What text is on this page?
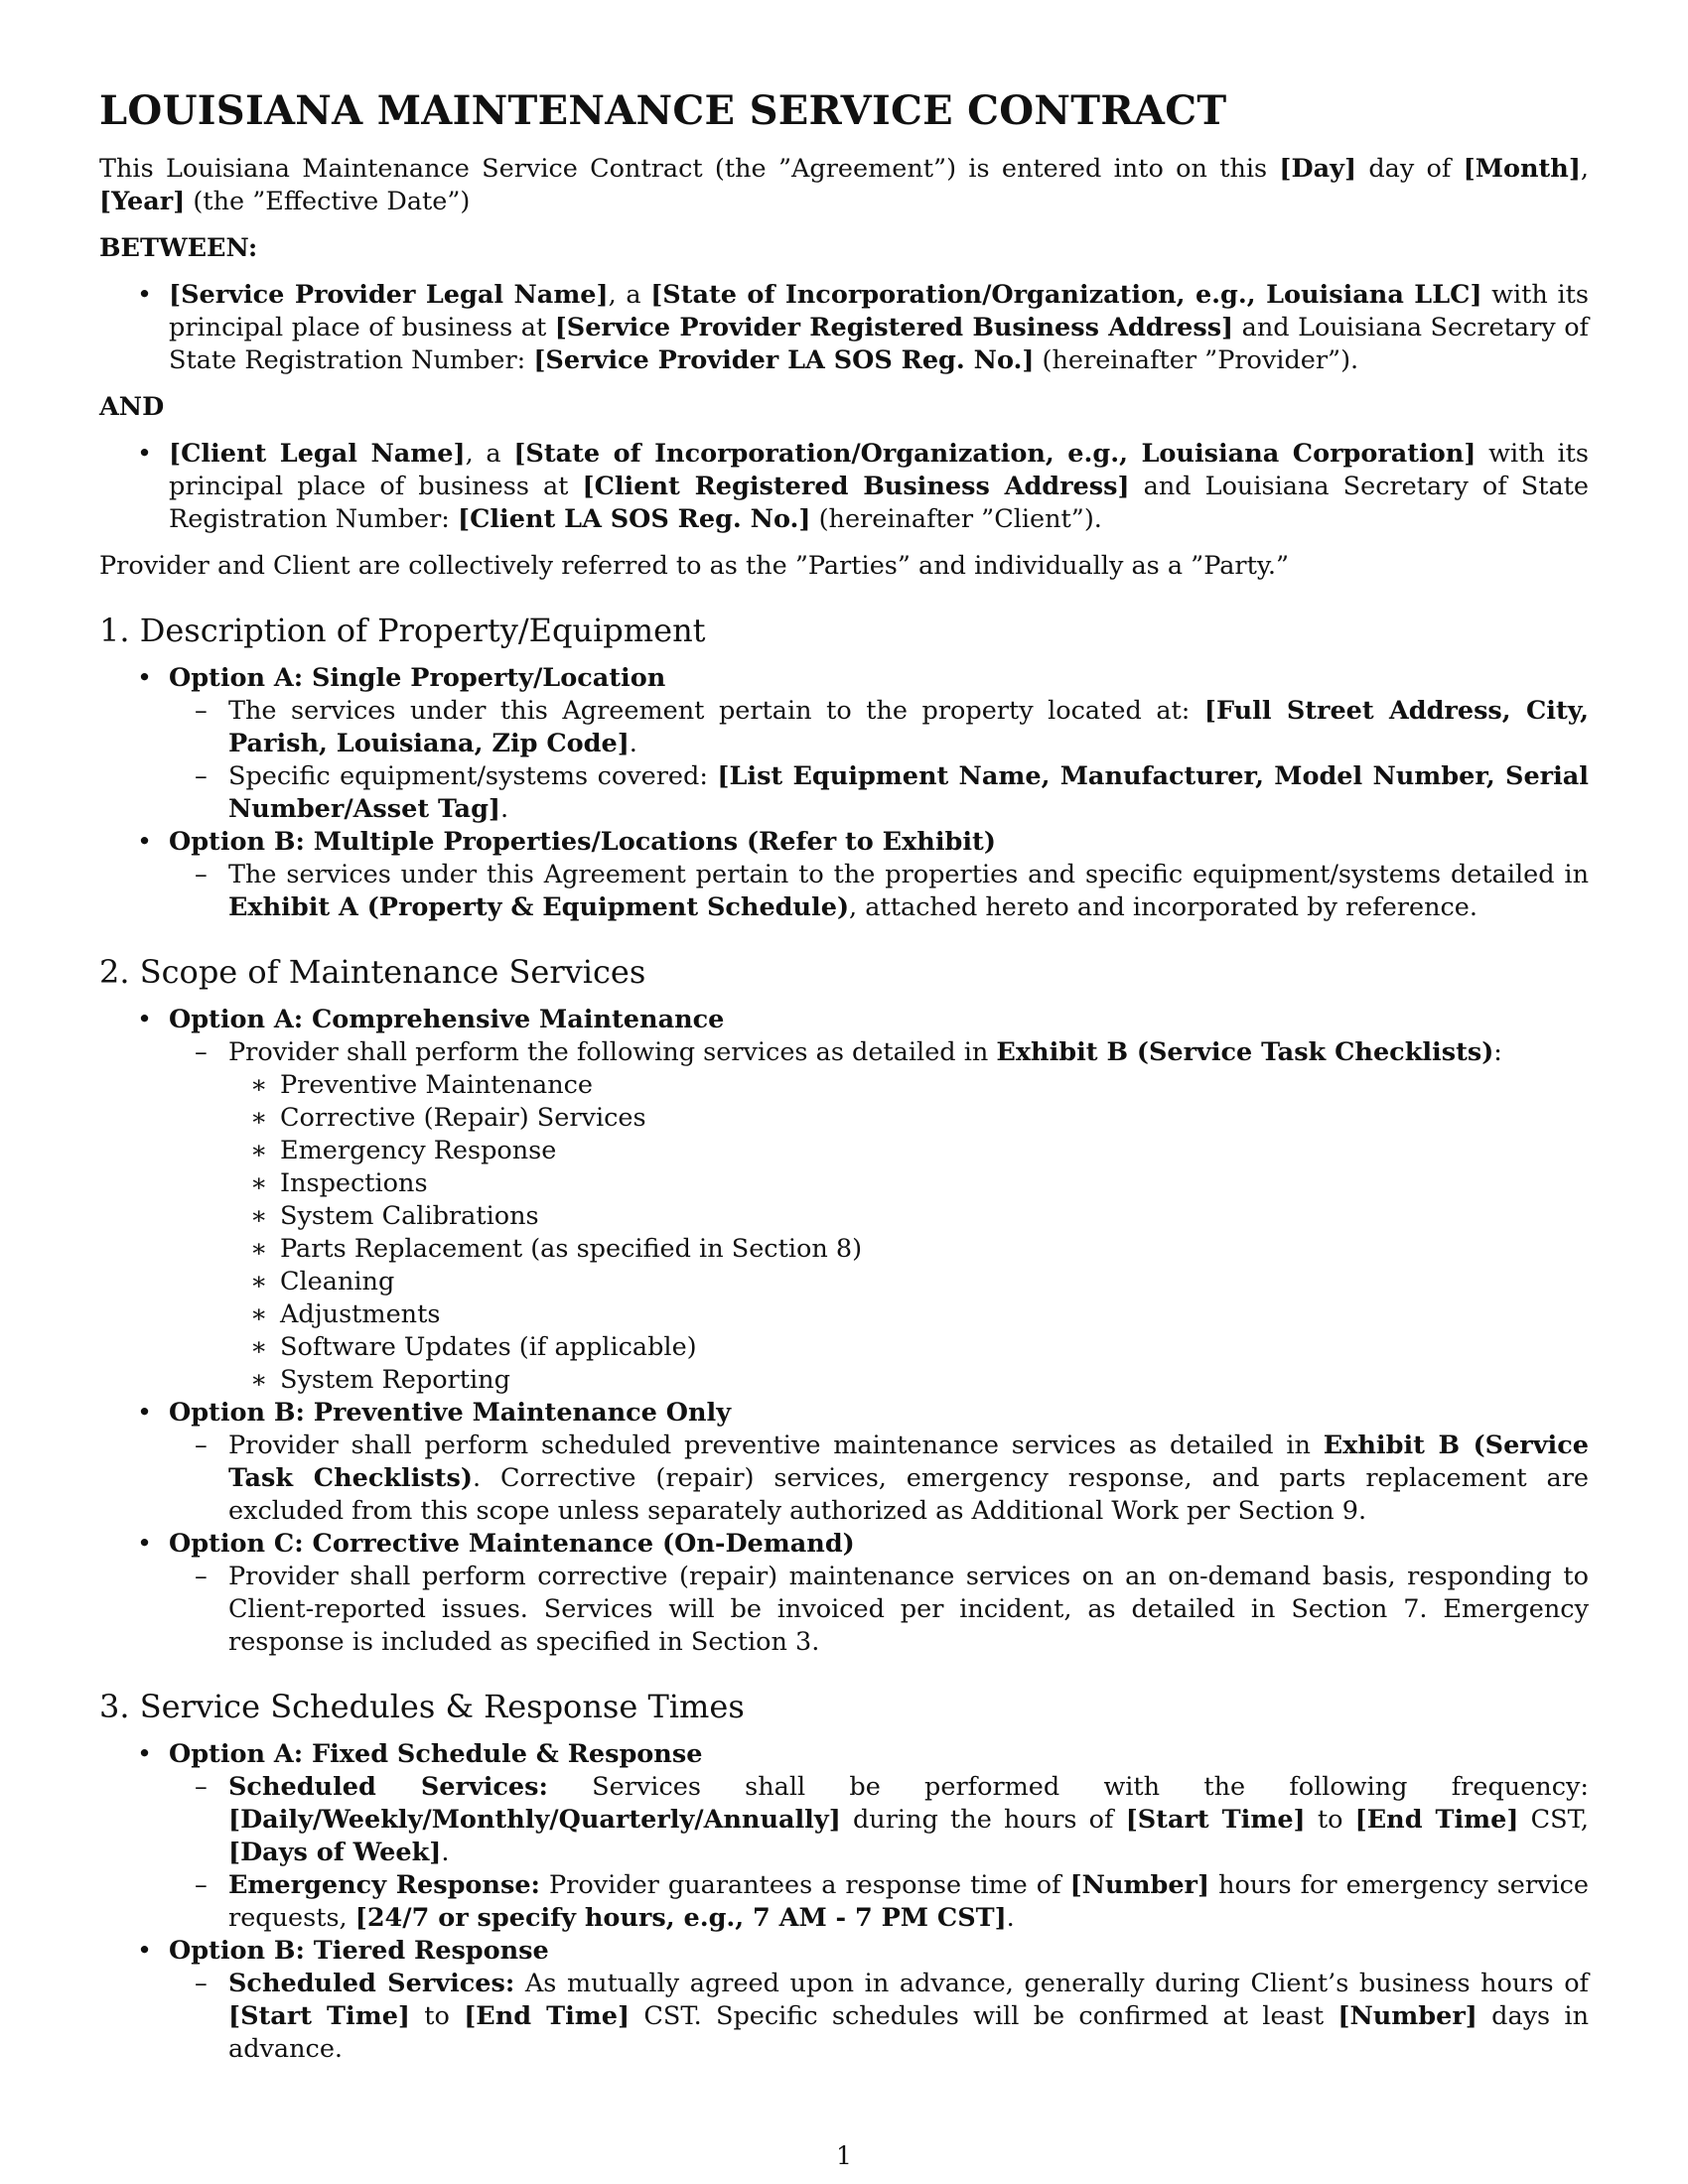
LOUISIANA MAINTENANCE SERVICE CONTRACT

This Louisiana Maintenance Service Contract (the ”Agreement”) is entered into on this [Day] day of [Month], [Year] (the ”Effective Date”)

BETWEEN:
• [Service Provider Legal Name], a [State of Incorporation/Organization, e.g., Louisiana LLC] with its principal place of business at [Service Provider Registered Business Address] and Louisiana Secretary of State Registration Number: [Service Provider LA SOS Reg. No.] (hereinafter ”Provider”).
AND
• [Client Legal Name], a [State of Incorporation/Organization, e.g., Louisiana Corporation] with its principal place of business at [Client Registered Business Address] and Louisiana Secretary of State Registration Number: [Client LA SOS Reg. No.] (hereinafter ”Client”).

Provider and Client are collectively referred to as the ”Parties” and individually as a ”Party.”

1. Description of Property/Equipment
• Option A: Single Property/Location
– The services under this Agreement pertain to the property located at: [Full Street Address, City, Parish, Louisiana, Zip Code].
– Specific equipment/systems covered: [List Equipment Name, Manufacturer, Model Number, Serial Number/Asset Tag].
• Option B: Multiple Properties/Locations (Refer to Exhibit)
– The services under this Agreement pertain to the properties and specific equipment/systems detailed in Exhibit A (Property & Equipment Schedule), attached hereto and incorporated by reference.
2. Scope of Maintenance Services
• Option A: Comprehensive Maintenance
– Provider shall perform the following services as detailed in Exhibit B (Service Task Checklists):
∗ Preventive Maintenance
∗ Corrective (Repair) Services
∗ Emergency Response
∗ Inspections
∗ System Calibrations
∗ Parts Replacement (as specified in Section 8)
∗ Cleaning
∗ Adjustments
∗ Software Updates (if applicable)
∗ System Reporting
• Option B: Preventive Maintenance Only
– Provider shall perform scheduled preventive maintenance services as detailed in Exhibit B (Service Task Checklists). Corrective (repair) services, emergency response, and parts replacement are excluded from this scope unless separately authorized as Additional Work per Section 9.
• Option C: Corrective Maintenance (On-Demand)
– Provider shall perform corrective (repair) maintenance services on an on-demand basis, responding to Client-reported issues. Services will be invoiced per incident, as detailed in Section 7. Emergency response is included as specified in Section 3.
3. Service Schedules & Response Times
• Option A: Fixed Schedule & Response
– Scheduled Services: Services shall be performed with the following frequency: [Daily/Weekly/Monthly/Quarterly/Annually] during the hours of [Start Time] to [End Time] CST, [Days of Week].
– Emergency Response: Provider guarantees a response time of [Number] hours for emergency service requests, [24/7 or specify hours, e.g., 7 AM - 7 PM CST].
• Option B: Tiered Response
– Scheduled Services: As mutually agreed upon in advance, generally during Client’s business hours of [Start Time] to [End Time] CST. Specific schedules will be confirmed at least [Number] days in advance.
1
